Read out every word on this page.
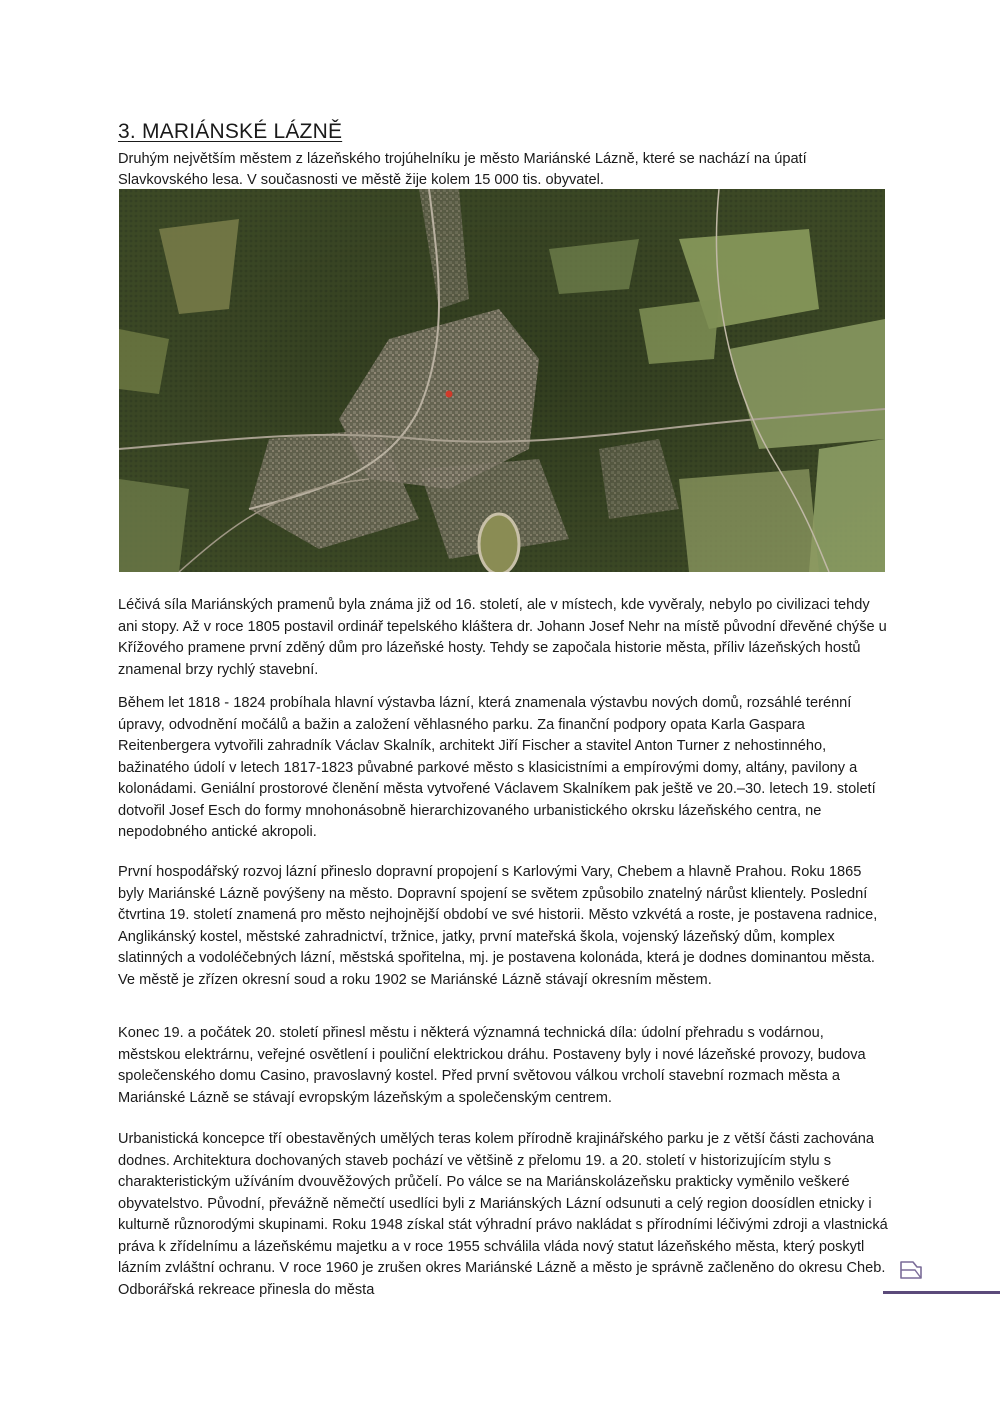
3. MARIÁNSKÉ LÁZNĚ

Druhým největším městem z lázeňského trojúhelníku je město Mariánské Lázně, které se nachází na úpatí Slavkovského lesa. V současnosti ve městě žije kolem 15 000 tis. obyvatel.

Léčivá síla Mariánských pramenů byla známa již od 16. století, ale v místech, kde vyvěraly, nebylo po civilizaci tehdy ani stopy. Až v roce 1805 postavil ordinář tepelského kláštera dr. Johann Josef Nehr na místě původní dřevěné chýše u Křížového pramene první zděný dům pro lázeňské hosty. Tehdy se započala historie města, příliv lázeňských hostů znamenal brzy rychlý stavební.

Během let 1818 - 1824 probíhala hlavní výstavba lázní, která znamenala výstavbu nových domů, rozsáhlé terénní úpravy, odvodnění močálů a bažin a založení věhlasného parku. Za finanční podpory opata Karla Gaspara Reitenbergera vytvořili zahradník Václav Skalník, architekt Jiří Fischer a stavitel Anton Turner z nehostinného, bažinatého údolí v letech 1817-1823 půvabné parkové město s klasicistními a empírovými domy, altány, pavilony a kolonádami. Geniální prostorové členění města vytvořené Václavem Skalníkem pak ještě ve 20.–30. letech 19. století dotvořil Josef Esch do formy mnohonásobně hierarchizovaného urbanistického okrsku lázeňského centra, ne nepodobného antické akropoli.

První hospodářský rozvoj lázní přineslo dopravní propojení s Karlovými Vary, Chebem a hlavně Prahou. Roku 1865 byly Mariánské Lázně povýšeny na město. Dopravní spojení se světem způsobilo znatelný nárůst klientely. Poslední čtvrtina 19. století znamená pro město nejhojnější období ve své historii. Město vzkvétá a roste, je postavena radnice, Anglikánský kostel, městské zahradnictví, tržnice, jatky, první mateřská škola, vojenský lázeňský dům, komplex slatinných a vodoléčebných lázní, městská spořitelna, mj. je postavena kolonáda, která je dodnes dominantou města. Ve městě je zřízen okresní soud a roku 1902 se Mariánské Lázně stávají okresním městem.

Konec 19. a počátek 20. století přinesl městu i některá významná technická díla: údolní přehradu s vodárnou, městskou elektrárnu, veřejné osvětlení i pouliční elektrickou dráhu. Postaveny byly i nové lázeňské provozy, budova společenského domu Casino, pravoslavný kostel. Před první světovou válkou vrcholí stavební rozmach města a Mariánské Lázně se stávají evropským lázeňským a společenským centrem.

Urbanistická koncepce tří obestavěných umělých teras kolem přírodně krajinářského parku je z větší části zachována dodnes. Architektura dochovaných staveb pochází ve většině z přelomu 19. a 20. století v historizujícím stylu s charakteristickým užíváním dvouvěžových průčelí. Po válce se na Mariánskolázeňsku prakticky vyměnilo veškeré obyvatelstvo. Původní, převážně němečtí usedlíci byli z Mariánských Lázní odsunuti a celý region doosídlen etnicky i kulturně různorodými skupinami. Roku 1948 získal stát výhradní právo nakládat s přírodními léčivými zdroji a vlastnická práva k zřídelnímu a lázeňskému majetku a v roce 1955 schválila vláda nový statut lázeňského města, který poskytl lázním zvláštní ochranu. V roce 1960 je zrušen okres Mariánské Lázně a město je správně začleněno do okresu Cheb. Odborářská rekreace přinesla do města
